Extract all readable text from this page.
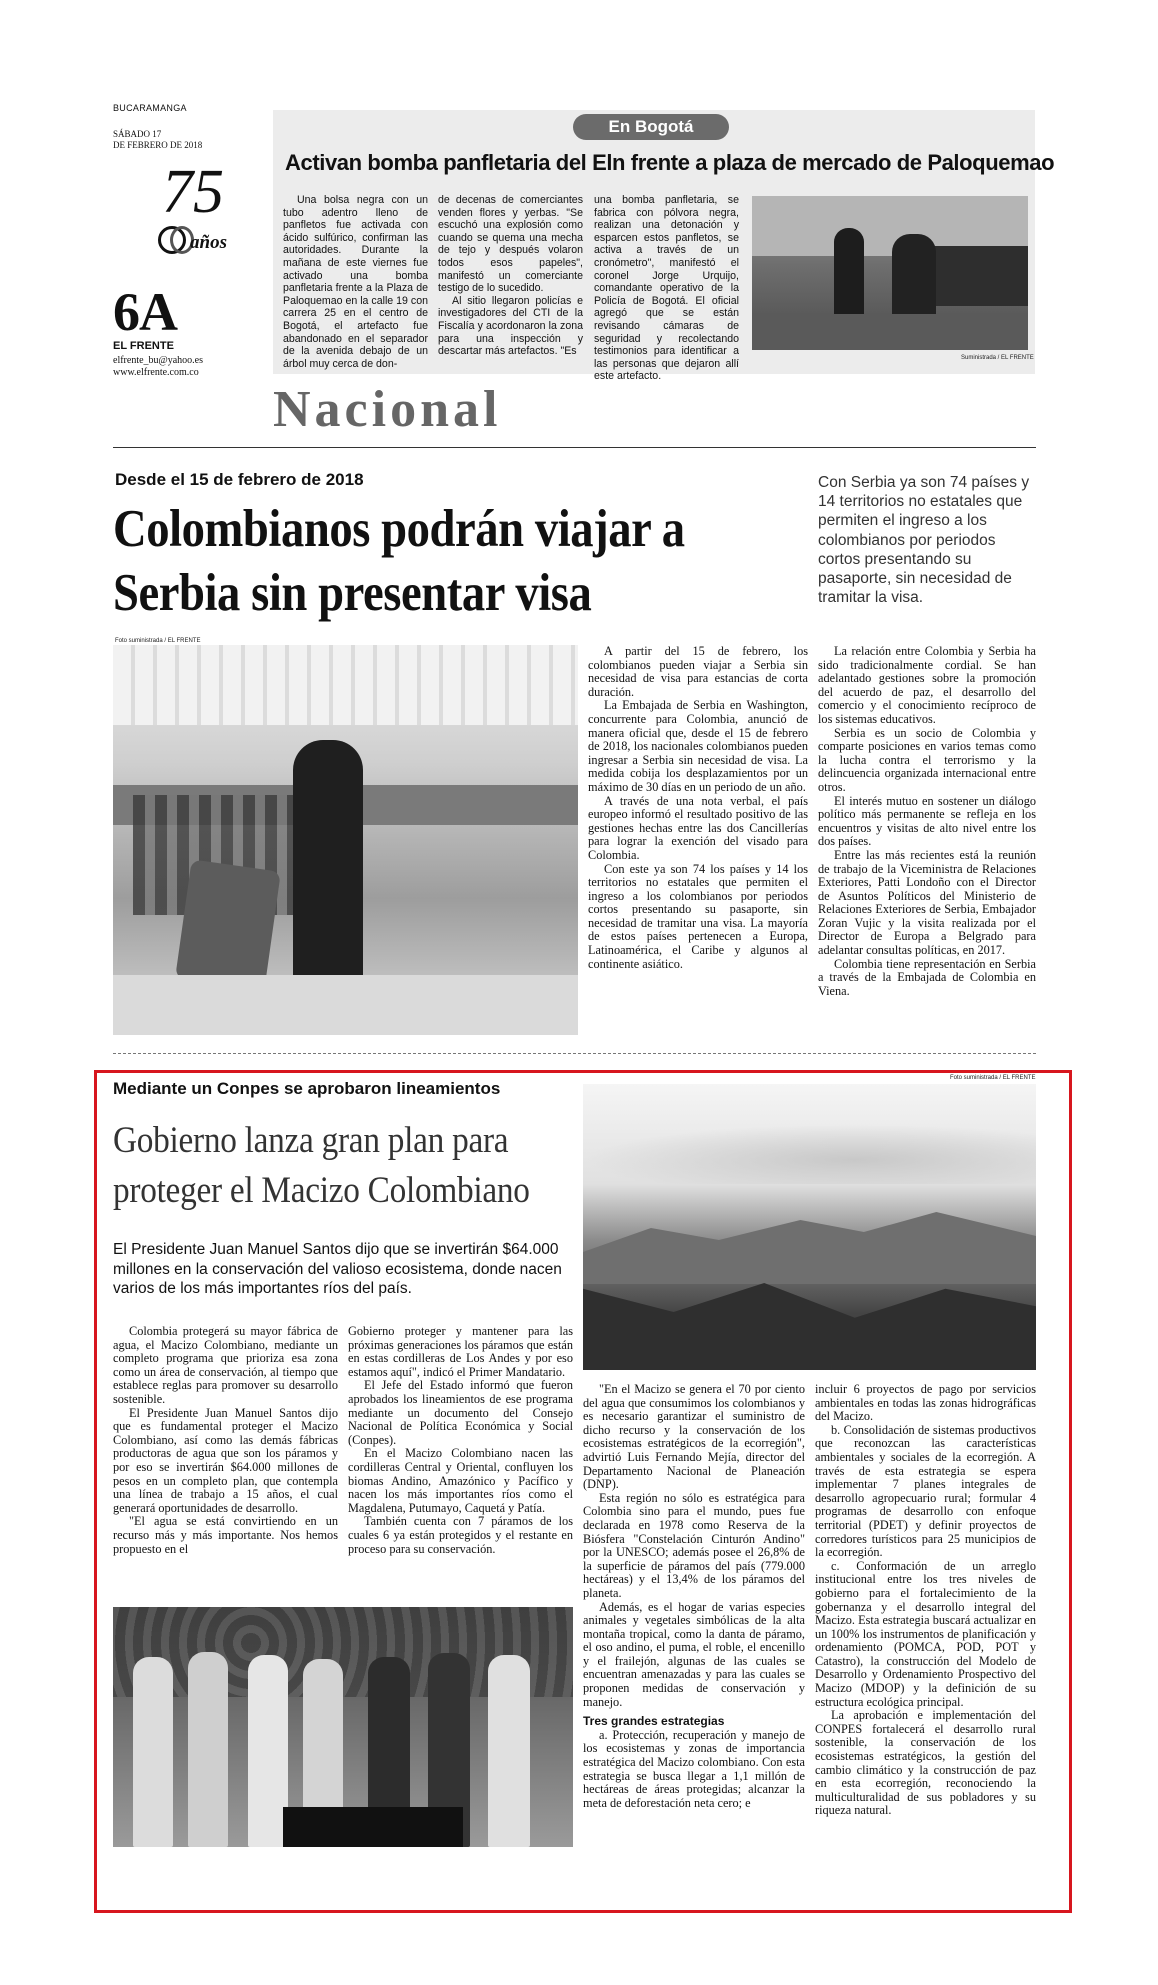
BUCARAMANGA
SÁBADO 17
DE FEBRERO DE 2018
75
años
6A
EL FRENTE
elfrente_bu@yahoo.es
www.elfrente.com.co
En Bogotá
Activan bomba panfletaria del Eln frente a plaza de mercado de Paloquemao

Una bolsa negra con un tubo adentro lleno de panfletos fue activada con ácido sulfúrico, confirman las autoridades. Durante la mañana de este viernes fue activado una bomba panfletaria frente a la Plaza de Paloquemao en la calle 19 con carrera 25 en el centro de Bogotá, el artefacto fue abandonado en el separador de la avenida debajo de un árbol muy cerca de don-

de decenas de comerciantes venden flores y yerbas. "Se escuchó una explosión como cuando se quema una mecha de tejo y después volaron todos esos papeles", manifestó un comerciante testigo de lo sucedido.

Al sitio llegaron policías e investigadores del CTI de la Fiscalía y acordonaron la zona para una inspección y descartar más artefactos. "Es

una bomba panfletaria, se fabrica con pólvora negra, realizan una detonación y esparcen estos panfletos, se activa a través de un cronómetro", manifestó el coronel Jorge Urquijo, comandante operativo de la Policía de Bogotá. El oficial agregó que se están revisando cámaras de seguridad y recolectando testimonios para identificar a las personas que dejaron allí este artefacto.

Suministrada / EL FRENTE
Nacional
Desde el 15 de febrero de 2018
Colombianos podrán viajar a Serbia sin presentar visa
Con Serbia ya son 74 países y 14 territorios no estatales que permiten el ingreso a los colombianos por periodos cortos presentando su pasaporte, sin necesidad de tramitar la visa.
Foto suministrada / EL FRENTE

A partir del 15 de febrero, los colombianos pueden viajar a Serbia sin necesidad de visa para estancias de corta duración.

La Embajada de Serbia en Washington, concurrente para Colombia, anunció de manera oficial que, desde el 15 de febrero de 2018, los nacionales colombianos pueden ingresar a Serbia sin necesidad de visa. La medida cobija los desplazamientos por un máximo de 30 días en un periodo de un año.

A través de una nota verbal, el país europeo informó el resultado positivo de las gestiones hechas entre las dos Cancillerías para lograr la exención del visado para Colombia.

Con este ya son 74 los países y 14 los territorios no estatales que permiten el ingreso a los colombianos por periodos cortos presentando su pasaporte, sin necesidad de tramitar una visa. La mayoría de estos países pertenecen a Europa, Latinoamérica, el Caribe y algunos al continente asiático.

La relación entre Colombia y Serbia ha sido tradicionalmente cordial. Se han adelantado gestiones sobre la promoción del acuerdo de paz, el desarrollo del comercio y el conocimiento recíproco de los sistemas educativos.

Serbia es un socio de Colombia y comparte posiciones en varios temas como la lucha contra el terrorismo y la delincuencia organizada internacional entre otros.

El interés mutuo en sostener un diálogo político más permanente se refleja en los encuentros y visitas de alto nivel entre los dos países.

Entre las más recientes está la reunión de trabajo de la Viceministra de Relaciones Exteriores, Patti Londoño con el Director de Asuntos Políticos del Ministerio de Relaciones Exteriores de Serbia, Embajador Zoran Vujic y la visita realizada por el Director de Europa a Belgrado para adelantar consultas políticas, en 2017.

Colombia tiene representación en Serbia a través de la Embajada de Colombia en Viena.

Mediante un Conpes se aprobaron lineamientos
Gobierno lanza gran plan para proteger el Macizo Colombiano
El Presidente Juan Manuel Santos dijo que se invertirán $64.000 millones en la conservación del valioso ecosistema, donde nacen varios de los más importantes ríos del país.
Foto suministrada / EL FRENTE

Colombia protegerá su mayor fábrica de agua, el Macizo Colombiano, mediante un completo programa que prioriza esa zona como un área de conservación, al tiempo que establece reglas para promover su desarrollo sostenible.

El Presidente Juan Manuel Santos dijo que es fundamental proteger el Macizo Colombiano, así como las demás fábricas productoras de agua que son los páramos y por eso se invertirán $64.000 millones de pesos en un completo plan, que contempla una línea de trabajo a 15 años, el cual generará oportunidades de desarrollo.

"El agua se está convirtiendo en un recurso más y más importante. Nos hemos propuesto en el

Gobierno proteger y mantener para las próximas generaciones los páramos que están en estas cordilleras de Los Andes y por eso estamos aquí", indicó el Primer Mandatario.

El Jefe del Estado informó que fueron aprobados los lineamientos de ese programa mediante un documento del Consejo Nacional de Política Económica y Social (Conpes).

En el Macizo Colombiano nacen las cordilleras Central y Oriental, confluyen los biomas Andino, Amazónico y Pacífico y nacen los más importantes ríos como el Magdalena, Putumayo, Caquetá y Patía.

También cuenta con 7 páramos de los cuales 6 ya están protegidos y el restante en proceso para su conservación.

"En el Macizo se genera el 70 por ciento del agua que consumimos los colombianos y es necesario garantizar el suministro de dicho recurso y la conservación de los ecosistemas estratégicos de la ecorregión", advirtió Luis Fernando Mejía, director del Departamento Nacional de Planeación (DNP).

Esta región no sólo es estratégica para Colombia sino para el mundo, pues fue declarada en 1978 como Reserva de la Biósfera "Constelación Cinturón Andino" por la UNESCO; además posee el 26,8% de la superficie de páramos del país (779.000 hectáreas) y el 13,4% de los páramos del planeta.

Además, es el hogar de varias especies animales y vegetales simbólicas de la alta montaña tropical, como la danta de páramo, el oso andino, el puma, el roble, el encenillo y el frailejón, algunas de las cuales se encuentran amenazadas y para las cuales se proponen medidas de conservación y manejo.

Tres grandes estrategias

a. Protección, recuperación y manejo de los ecosistemas y zonas de importancia estratégica del Macizo colombiano. Con esta estrategia se busca llegar a 1,1 millón de hectáreas de áreas protegidas; alcanzar la meta de deforestación neta cero; e

incluir 6 proyectos de pago por servicios ambientales en todas las zonas hidrográficas del Macizo.

b. Consolidación de sistemas productivos que reconozcan las características ambientales y sociales de la ecorregión. A través de esta estrategia se espera implementar 7 planes integrales de desarrollo agropecuario rural; formular 4 programas de desarrollo con enfoque territorial (PDET) y definir proyectos de corredores turísticos para 25 municipios de la ecorregión.

c. Conformación de un arreglo institucional entre los tres niveles de gobierno para el fortalecimiento de la gobernanza y el desarrollo integral del Macizo. Esta estrategia buscará actualizar en un 100% los instrumentos de planificación y ordenamiento (POMCA, POD, POT y Catastro), la construcción del Modelo de Desarrollo y Ordenamiento Prospectivo del Macizo (MDOP) y la definición de su estructura ecológica principal.

La aprobación e implementación del CONPES fortalecerá el desarrollo rural sostenible, la conservación de los ecosistemas estratégicos, la gestión del cambio climático y la construcción de paz en esta ecorregión, reconociendo la multiculturalidad de sus pobladores y su riqueza natural.
